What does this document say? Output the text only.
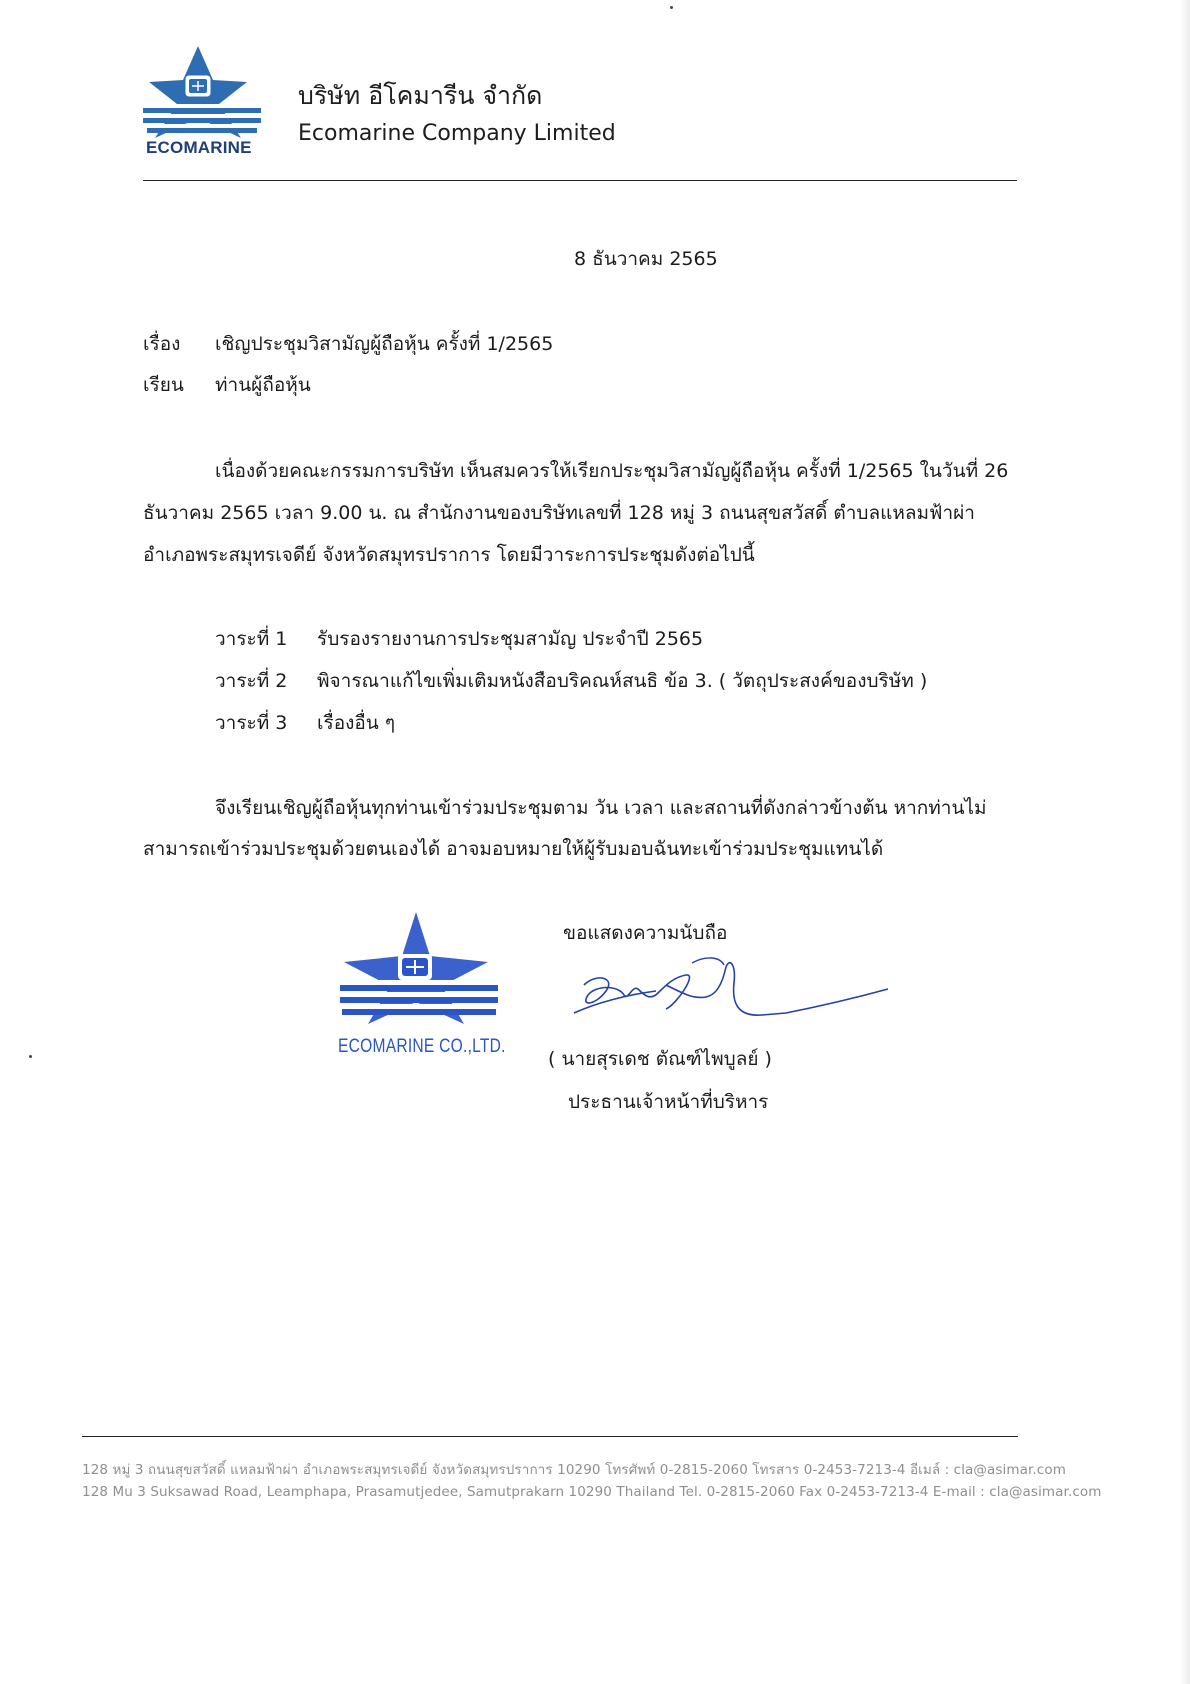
ECOMARINE
บริษัท อีโคมารีน จำกัด
Ecomarine Company Limited
8 ธันวาคม 2565
เรื่อง เชิญประชุมวิสามัญผู้ถือหุ้น ครั้งที่ 1/2565
เรียน ท่านผู้ถือหุ้น
เนื่องด้วยคณะกรรมการบริษัท เห็นสมควรให้เรียกประชุมวิสามัญผู้ถือหุ้น ครั้งที่ 1/2565 ในวันที่ 26
ธันวาคม 2565 เวลา 9.00 น. ณ สำนักงานของบริษัทเลขที่ 128 หมู่ 3 ถนนสุขสวัสดิ์ ตำบลแหลมฟ้าผ่า
อำเภอพระสมุทรเจดีย์ จังหวัดสมุทรปราการ โดยมีวาระการประชุมดังต่อไปนี้
วาระที่ 1 รับรองรายงานการประชุมสามัญ ประจำปี 2565
วาระที่ 2 พิจารณาแก้ไขเพิ่มเติมหนังสือบริคณห์สนธิ ข้อ 3. ( วัตถุประสงค์ของบริษัท )
วาระที่ 3 เรื่องอื่น ๆ
จึงเรียนเชิญผู้ถือหุ้นทุกท่านเข้าร่วมประชุมตาม วัน เวลา และสถานที่ดังกล่าวข้างต้น หากท่านไม่
สามารถเข้าร่วมประชุมด้วยตนเองได้ อาจมอบหมายให้ผู้รับมอบฉันทะเข้าร่วมประชุมแทนได้
ECOMARINE CO.,LTD.
ขอแสดงความนับถือ
( นายสุรเดช ตัณฑ์ไพบูลย์ )
ประธานเจ้าหน้าที่บริหาร
128 หมู่ 3 ถนนสุขสวัสดิ์ แหลมฟ้าผ่า อำเภอพระสมุทรเจดีย์ จังหวัดสมุทรปราการ 10290 โทรศัพท์ 0-2815-2060 โทรสาร 0-2453-7213-4 อีเมล์ : cla@asimar.com
128 Mu 3 Suksawad Road, Leamphapa, Prasamutjedee, Samutprakarn 10290 Thailand Tel. 0-2815-2060 Fax 0-2453-7213-4 E-mail : cla@asimar.com
